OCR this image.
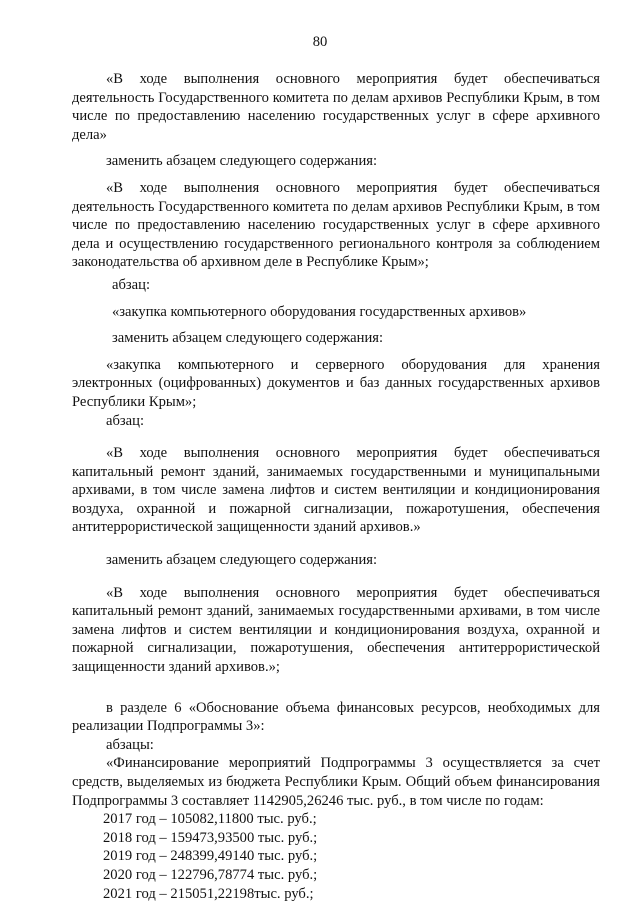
80

«В ходе выполнения основного мероприятия будет обеспечиваться деятельность Государственного комитета по делам архивов Республики Крым, в том числе по предоставлению населению государственных услуг в сфере архивного дела»

заменить абзацем следующего содержания:

«В ходе выполнения основного мероприятия будет обеспечиваться деятельность Государственного комитета по делам архивов Республики Крым, в том числе по предоставлению населению государственных услуг в сфере архивного дела и осуществлению государственного регионального контроля за соблюдением законодательства об архивном деле в Республике Крым»;

абзац:

«закупка компьютерного оборудования государственных архивов»

заменить абзацем следующего содержания:

«закупка компьютерного и серверного оборудования для хранения электронных (оцифрованных) документов и баз данных государственных архивов Республики Крым»;

абзац:

«В ходе выполнения основного мероприятия будет обеспечиваться капитальный ремонт зданий, занимаемых государственными и муниципальными архивами, в том числе замена лифтов и систем вентиляции и кондиционирования воздуха, охранной и пожарной сигнализации, пожаротушения, обеспечения антитеррористической защищенности зданий архивов.»

заменить абзацем следующего содержания:

«В ходе выполнения основного мероприятия будет обеспечиваться капитальный ремонт зданий, занимаемых государственными архивами, в том числе замена лифтов и систем вентиляции и кондиционирования воздуха, охранной и пожарной сигнализации, пожаротушения, обеспечения антитеррористической защищенности зданий архивов.»;

в разделе 6 «Обоснование объема финансовых ресурсов, необходимых для реализации Подпрограммы 3»:

абзацы:

«Финансирование мероприятий Подпрограммы 3 осуществляется за счет средств, выделяемых из бюджета Республики Крым. Общий объем финансирования Подпрограммы 3 составляет 1142905,26246 тыс. руб., в том числе по годам:

2017 год – 105082,11800 тыс. руб.;
2018 год – 159473,93500 тыс. руб.;
2019 год – 248399,49140 тыс. руб.;
2020 год – 122796,78774 тыс. руб.;
2021 год – 215051,22198тыс. руб.;
